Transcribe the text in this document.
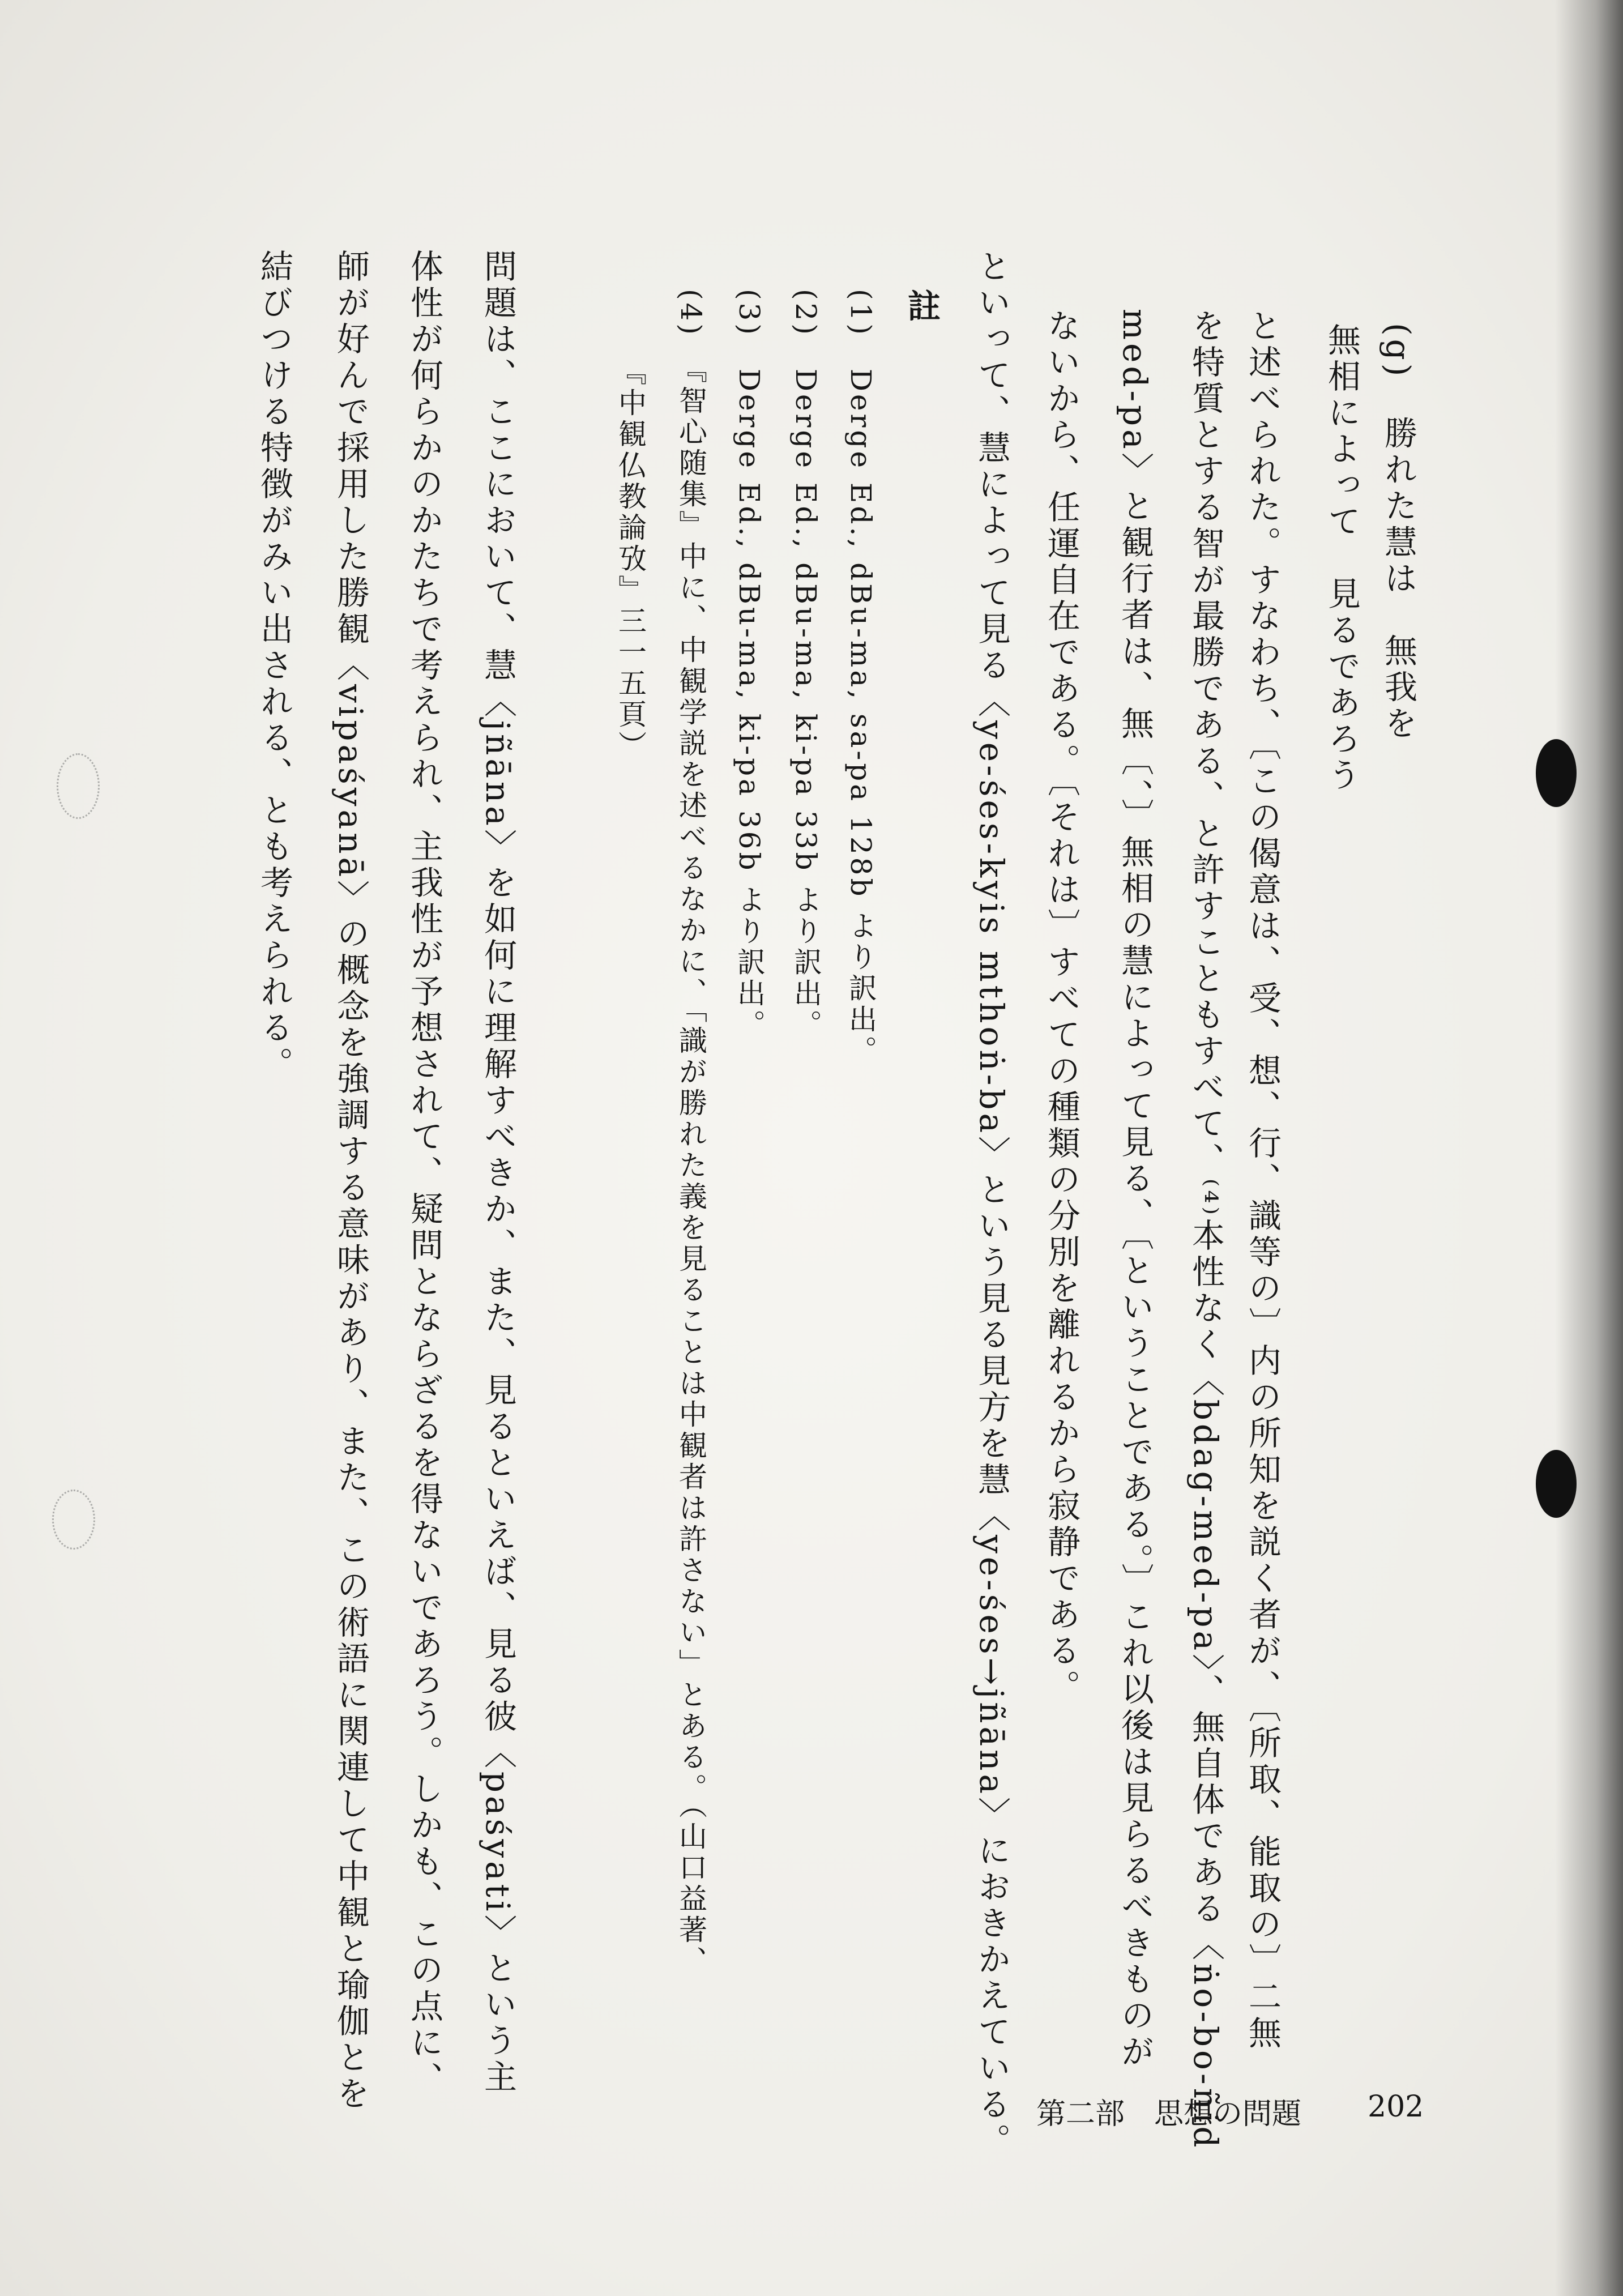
(g)　勝れた慧は　無我を
無相によって　見るであろう
と述べられた。すなわち、〔この偈意は、受、想、行、識等の〕内の所知を説く者が、〔所取、能取の〕二無
を特質とする智が最勝である、と許すこともすべて、⁽⁴⁾本性なく〈bdag-med-pa〉、無自体である〈ṅo-bo-ñid
med-pa〉と観行者は、無〔、〕無相の慧によって見る、〔ということである。〕これ以後は見らるべきものが
ないから、任運自在である。〔それは〕すべての種類の分別を離れるから寂静である。
といって、慧によって見る〈ye-śes-kyis mthoṅ-ba〉という見る見方を慧〈ye-śes→jñāna〉におきかえている。
註
(1)　Derge Ed., dBu-ma, sa-pa 128b より訳出。
(2)　Derge Ed., dBu-ma, ki-pa 33b より訳出。
(3)　Derge Ed., dBu-ma, ki-pa 36b より訳出。
(4)　『智心随集』中に、中観学説を述べるなかに、「識が勝れた義を見ることは中観者は許さない」とある。（山口益著、
『中観仏教論攷』三一五頁）
問題は、ここにおいて、慧〈jñāna〉を如何に理解すべきか、また、見るといえば、見る彼〈paśyati〉という主
体性が何らかのかたちで考えられ、主我性が予想されて、疑問とならざるを得ないであろう。しかも、この点に、
師が好んで採用した勝観〈vipaśyanā〉の概念を強調する意味があり、また、この術語に関連して中観と瑜伽とを
結びつける特徴がみい出される、とも考えられる。
第二部　思想の問題 202
